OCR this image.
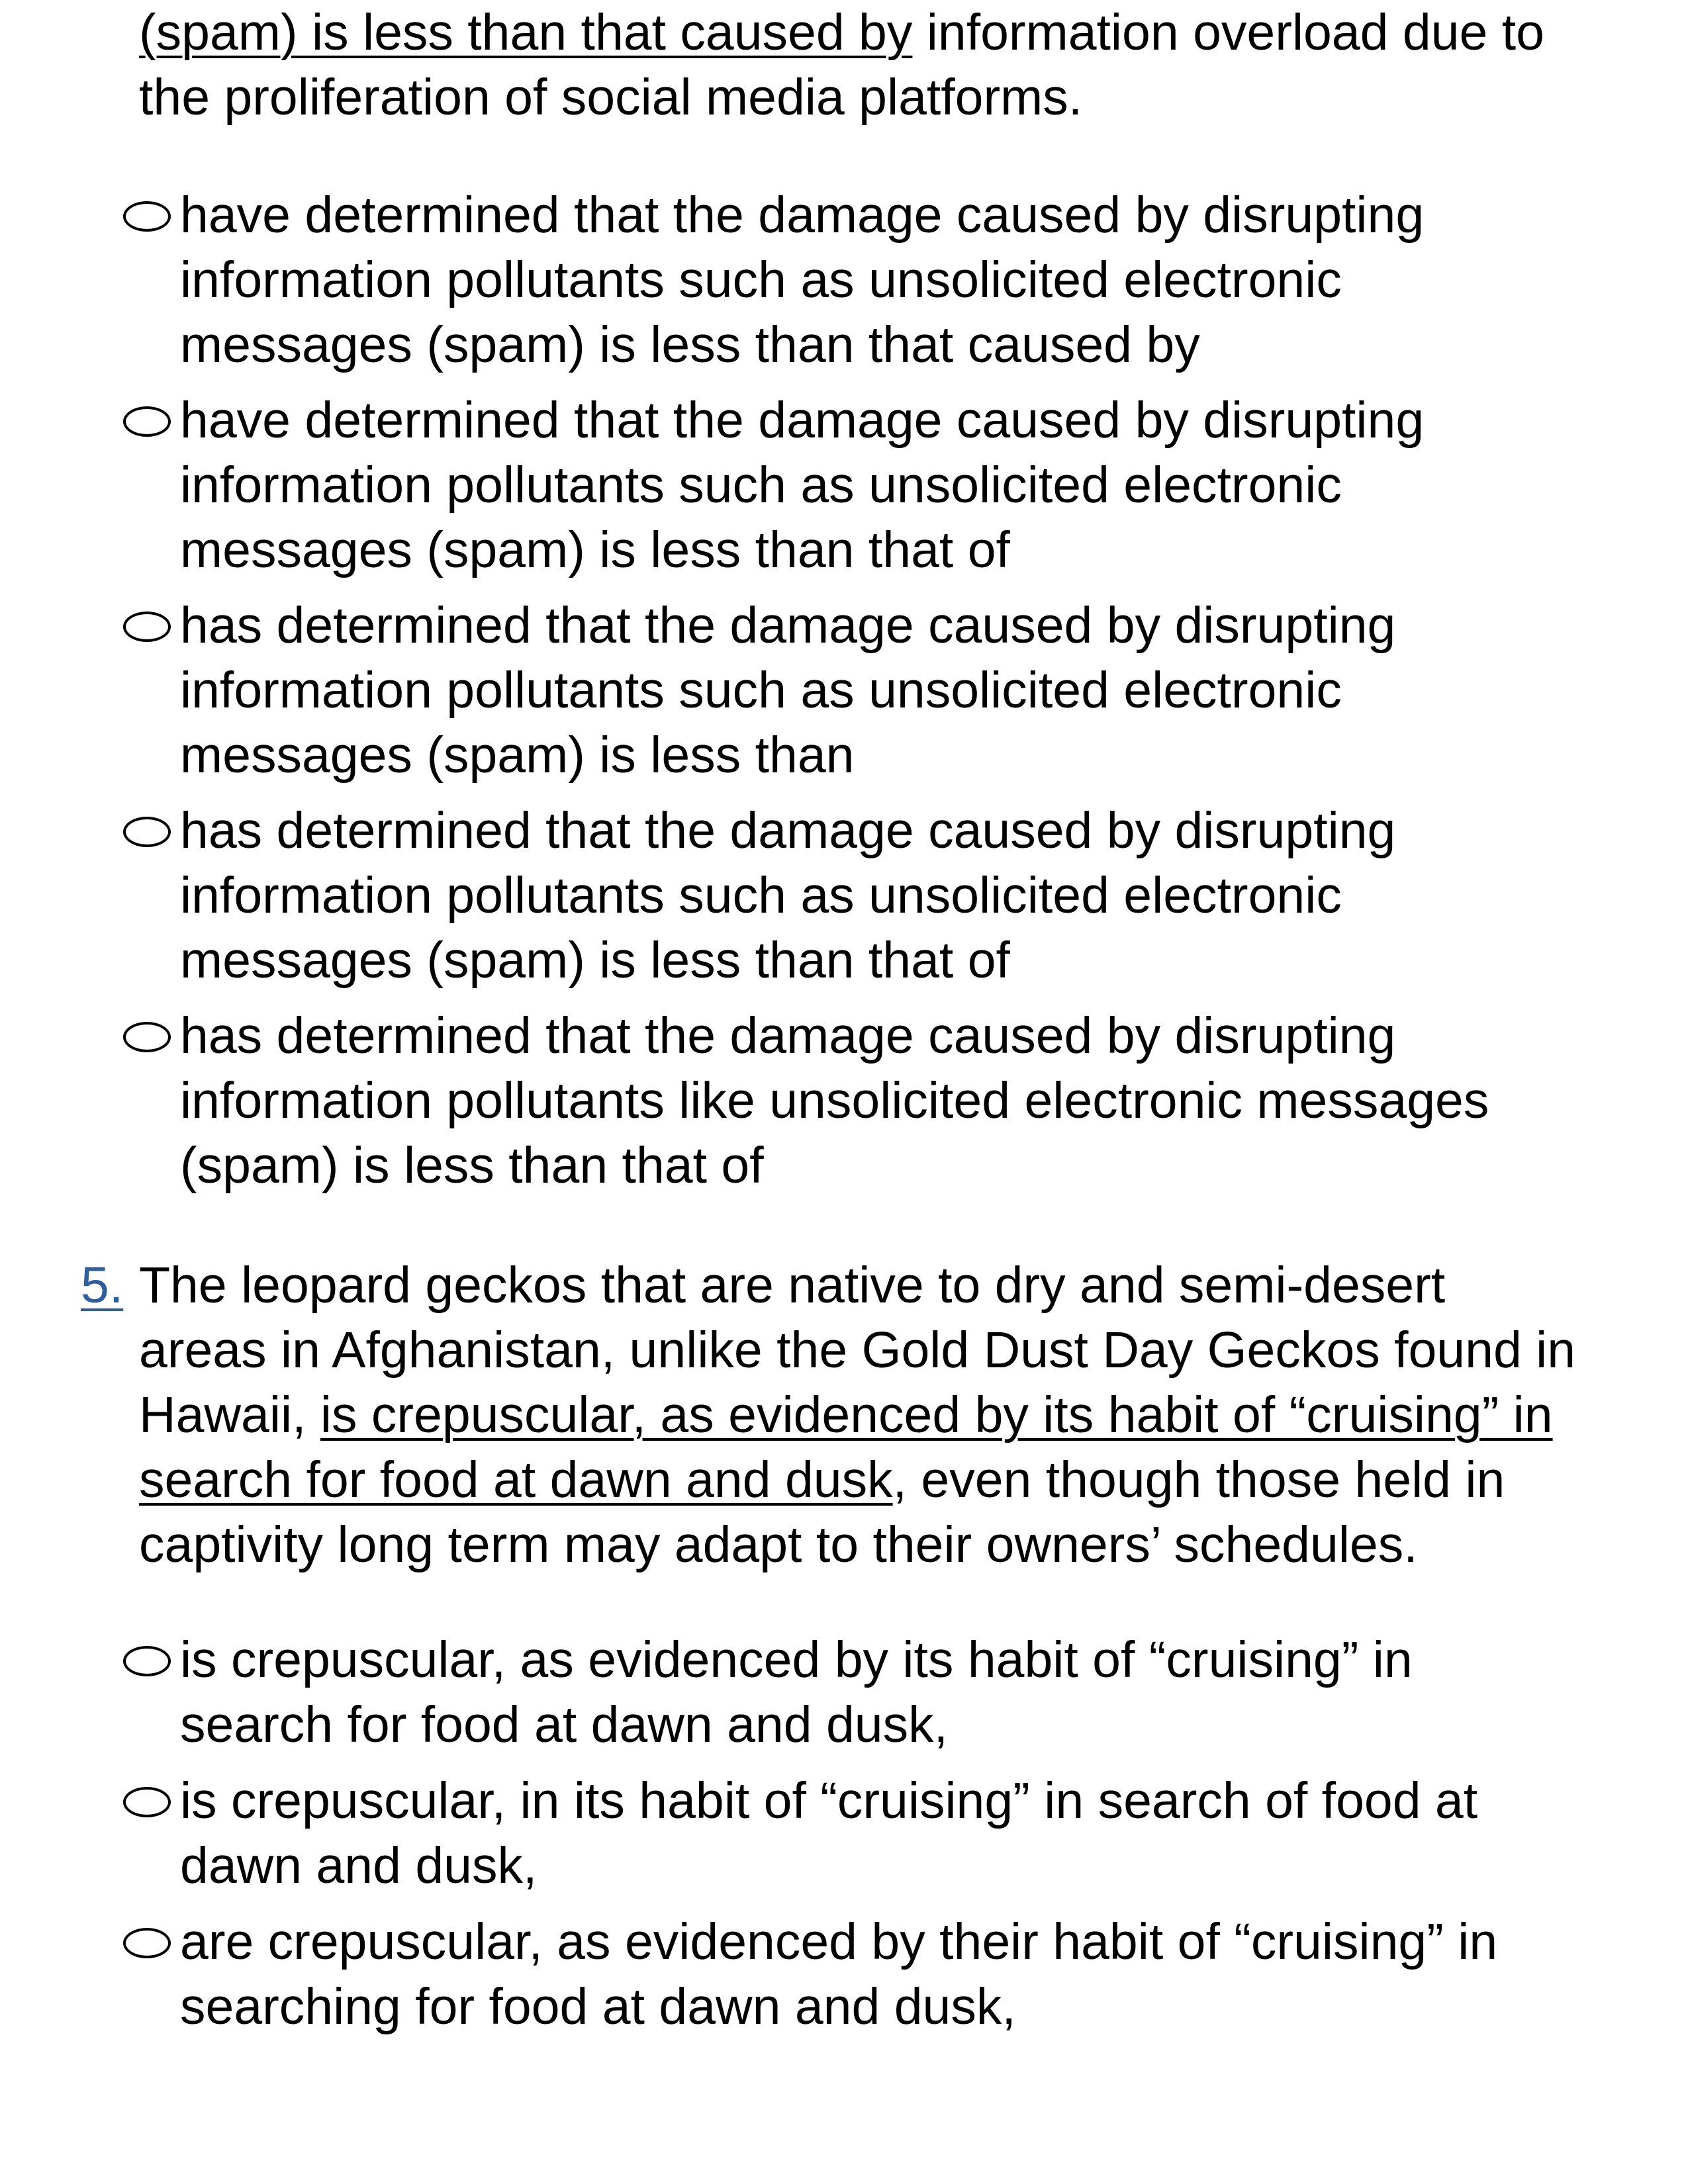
(spam) is less than that caused by information overload due to
the proliferation of social media platforms.
have determined that the damage caused by disrupting
information pollutants such as unsolicited electronic
messages (spam) is less than that caused by
have determined that the damage caused by disrupting
information pollutants such as unsolicited electronic
messages (spam) is less than that of
has determined that the damage caused by disrupting
information pollutants such as unsolicited electronic
messages (spam) is less than
has determined that the damage caused by disrupting
information pollutants such as unsolicited electronic
messages (spam) is less than that of
has determined that the damage caused by disrupting
information pollutants like unsolicited electronic messages
(spam) is less than that of
5. The leopard geckos that are native to dry and semi-desert
areas in Afghanistan, unlike the Gold Dust Day Geckos found in
Hawaii, is crepuscular, as evidenced by its habit of “cruising” in
search for food at dawn and dusk, even though those held in
captivity long term may adapt to their owners’ schedules.
is crepuscular, as evidenced by its habit of “cruising” in
search for food at dawn and dusk,
is crepuscular, in its habit of “cruising” in search of food at
dawn and dusk,
are crepuscular, as evidenced by their habit of “cruising” in
searching for food at dawn and dusk,
